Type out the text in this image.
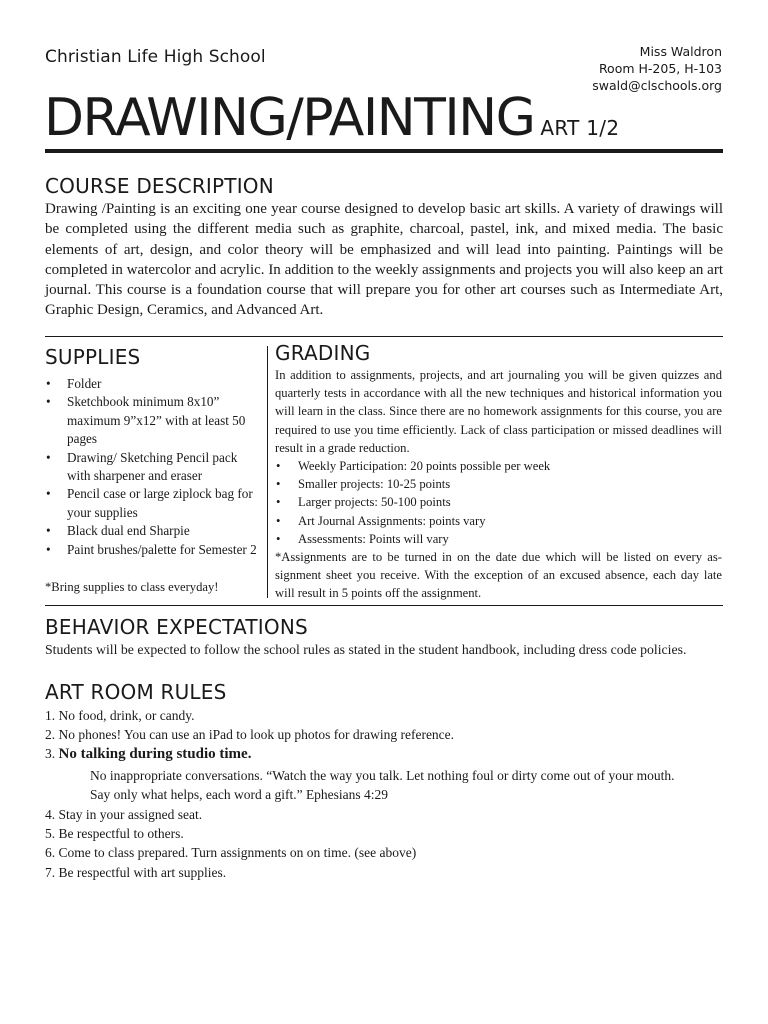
Christian Life High School	Miss Waldron
Room H-205, H-103
swald@clschools.org
DRAWING/PAINTING ART 1/2
COURSE DESCRIPTION
Drawing /Painting is an exciting one year course designed to develop basic art skills. A variety of drawings will be completed using the different media such as graphite, charcoal, pastel, ink, and mixed media. The basic elements of art, design, and color theory will be emphasized and will lead into painting. Paintings will be completed in watercolor and acrylic. In addition to the weekly assignments and projects you will also keep an art journal. This course is a foundation course that will prepare you for other art courses such as Intermediate Art, Graphic Design, Ceramics, and Advanced Art.
SUPPLIES
• Folder
• Sketchbook minimum 8x10” maximum 9”x12” with at least 50 pages
• Drawing/ Sketching Pencil pack with sharpener and eraser
• Pencil case or large ziplock bag for your supplies
• Black dual end Sharpie
• Paint brushes/palette for Semester 2
*Bring supplies to class everyday!
GRADING

In addition to assignments, projects, and art journaling you will be given quizzes and quarterly tests in accordance with all the new techniques and historical information you will learn in the class. Since there are no homework assignments for this course, you are required to use you time efficiently. Lack of class participation or missed deadlines will result in a grade reduction.

• Weekly Participation: 20 points possible per week
• Smaller projects: 10-25 points
• Larger projects: 50-100 points
• Art Journal Assignments: points vary
• Assessments: Points will vary

*Assignments are to be turned in on the date due which will be listed on every as-signment sheet you receive. With the exception of an excused absence, each day late will result in 5 points off the assignment.

BEHAVIOR EXPECTATIONS
Students will be expected to follow the school rules as stated in the student handbook, including dress code policies.
ART ROOM RULES
1. No food, drink, or candy.
2. No phones! You can use an iPad to look up photos for drawing reference.
3. No talking during studio time.
No inappropriate conversations. “Watch the way you talk. Let nothing foul or dirty come out of your mouth. Say only what helps, each word a gift.” Ephesians 4:29
4. Stay in your assigned seat.
5. Be respectful to others.
6. Come to class prepared. Turn assignments on on time. (see above)
7. Be respectful with art supplies.
